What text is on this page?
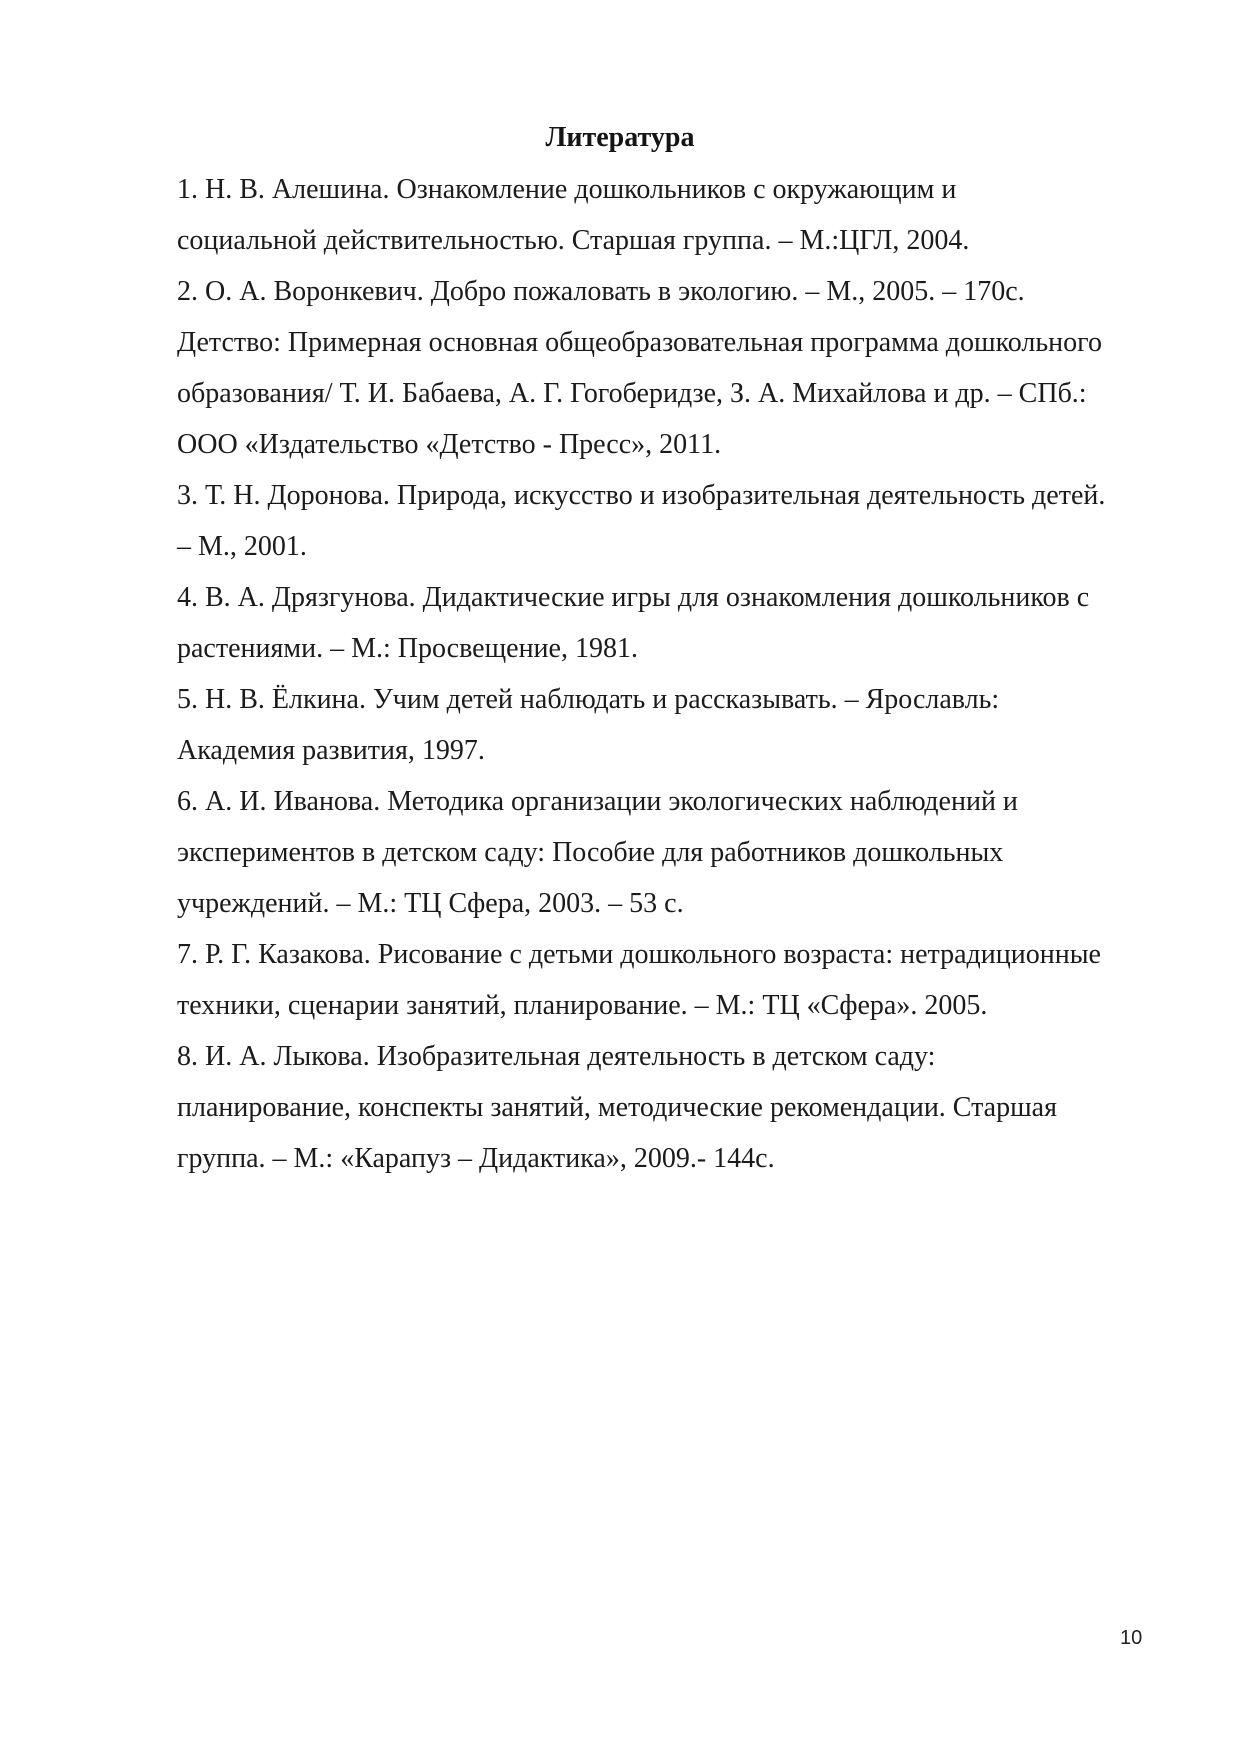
Литература
1. Н. В. Алешина. Ознакомление дошкольников с окружающим и
социальной действительностью. Старшая группа. – М.:ЦГЛ, 2004.
2. О. А. Воронкевич. Добро пожаловать в экологию. – М., 2005. – 170с.
Детство: Примерная основная общеобразовательная программа дошкольного
образования/ Т. И. Бабаева, А. Г. Гогоберидзе, З. А. Михайлова и др. – СПб.:
ООО «Издательство «Детство - Пресс», 2011.
3. Т. Н. Доронова. Природа, искусство и изобразительная деятельность детей.
– М., 2001.
4. В. А. Дрязгунова. Дидактические игры для ознакомления дошкольников с
растениями. – М.: Просвещение, 1981.
5. Н. В. Ёлкина. Учим детей наблюдать и рассказывать. – Ярославль:
Академия развития, 1997.
6. А. И. Иванова. Методика организации экологических наблюдений и
экспериментов в детском саду: Пособие для работников дошкольных
учреждений. – М.: ТЦ Сфера, 2003. – 53 с.
7. Р. Г. Казакова. Рисование с детьми дошкольного возраста: нетрадиционные
техники, сценарии занятий, планирование. – М.: ТЦ «Сфера». 2005.
8. И. А. Лыкова. Изобразительная деятельность в детском саду:
планирование, конспекты занятий, методические рекомендации. Старшая
группа. – М.: «Карапуз – Дидактика», 2009.- 144с.
10
